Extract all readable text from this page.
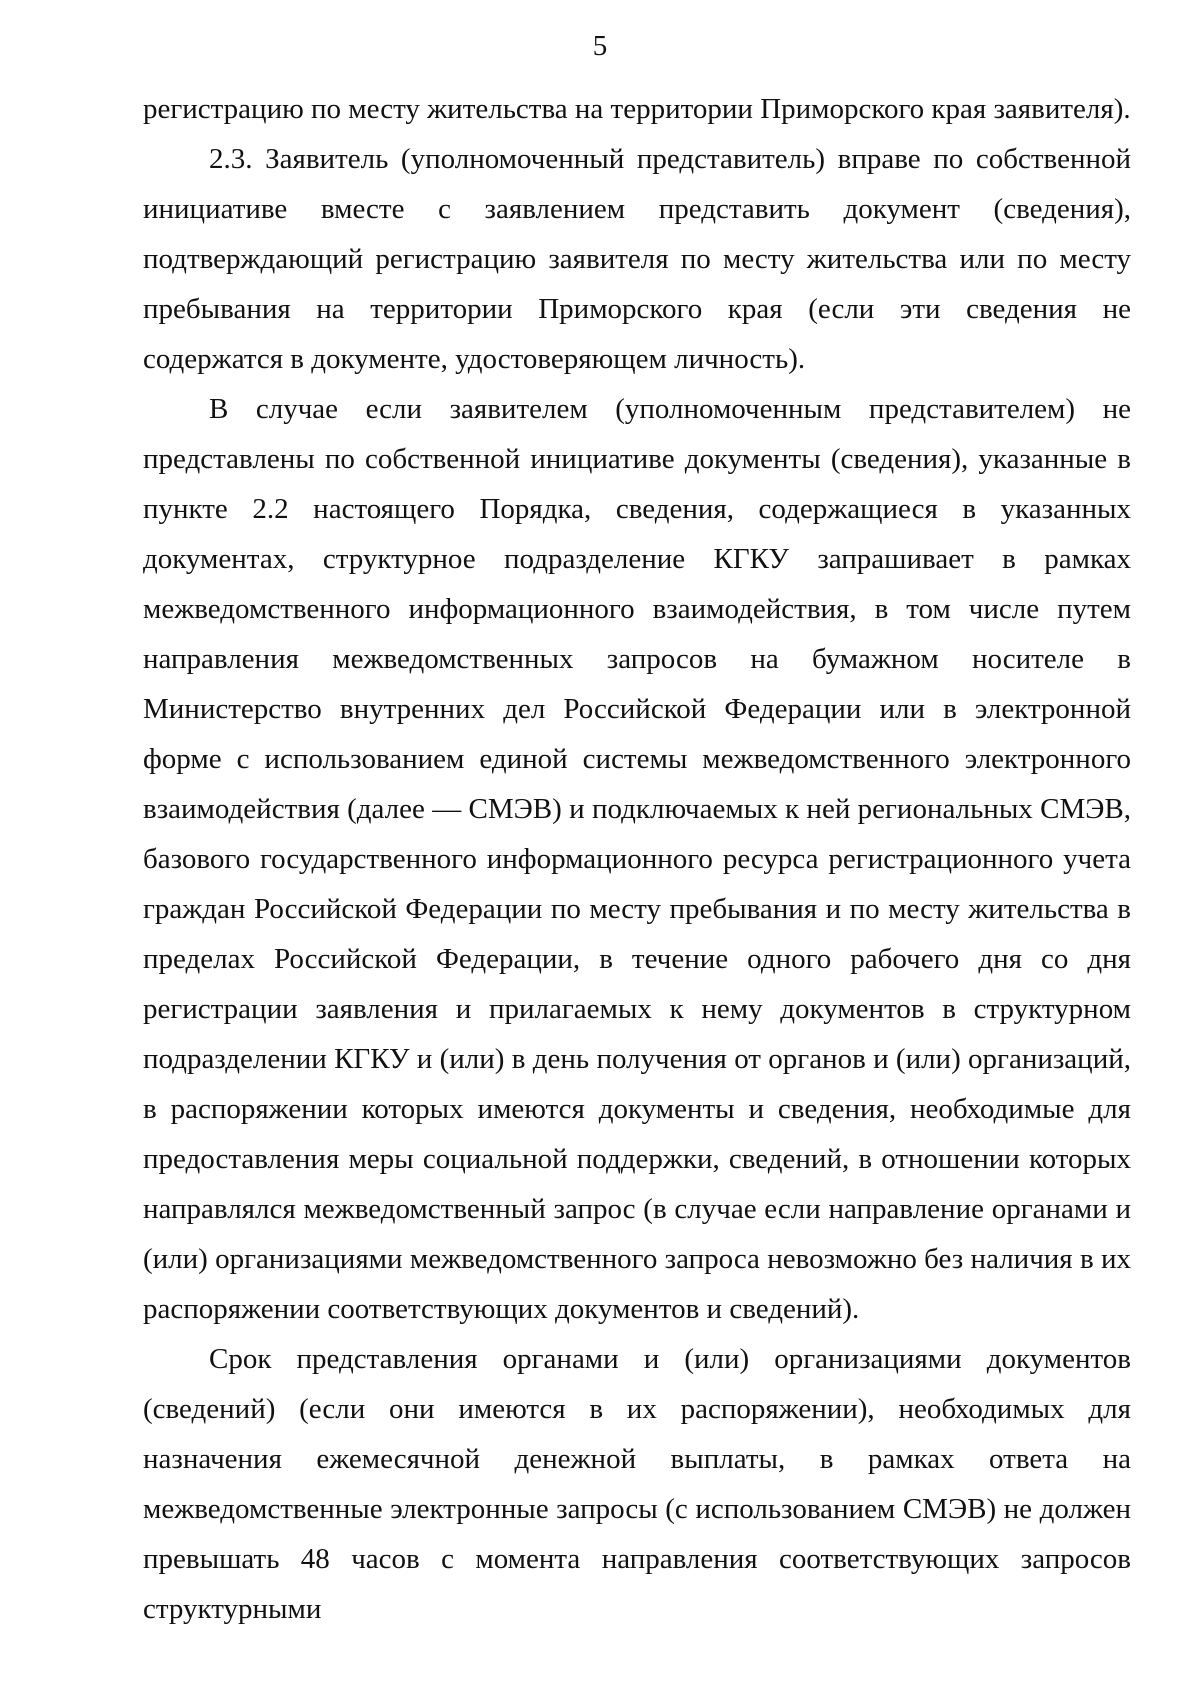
5

регистрацию по месту жительства на территории Приморского края заявителя).

2.3. Заявитель (уполномоченный представитель) вправе по собственной инициативе вместе с заявлением представить документ (сведения), подтверждающий регистрацию заявителя по месту жительства или по месту пребывания на территории Приморского края (если эти сведения не содержатся в документе, удостоверяющем личность).

В случае если заявителем (уполномоченным представителем) не представлены по собственной инициативе документы (сведения), указанные в пункте 2.2 настоящего Порядка, сведения, содержащиеся в указанных документах, структурное подразделение КГКУ запрашивает в рамках межведомственного информационного взаимодействия, в том числе путем направления межведомственных запросов на бумажном носителе в Министерство внутренних дел Российской Федерации или в электронной форме с использованием единой системы межведомственного электронного взаимодействия (далее — СМЭВ) и подключаемых к ней региональных СМЭВ, базового государственного информационного ресурса регистрационного учета граждан Российской Федерации по месту пребывания и по месту жительства в пределах Российской Федерации, в течение одного рабочего дня со дня регистрации заявления и прилагаемых к нему документов в структурном подразделении КГКУ и (или) в день получения от органов и (или) организаций, в распоряжении которых имеются документы и сведения, необходимые для предоставления меры социальной поддержки, сведений, в отношении которых направлялся межведомственный запрос (в случае если направление органами и (или) организациями межведомственного запроса невозможно без наличия в их распоряжении соответствующих документов и сведений).

Срок представления органами и (или) организациями документов (сведений) (если они имеются в их распоряжении), необходимых для назначения ежемесячной денежной выплаты, в рамках ответа на межведомственные электронные запросы (с использованием СМЭВ) не должен превышать 48 часов с момента направления соответствующих запросов структурными
